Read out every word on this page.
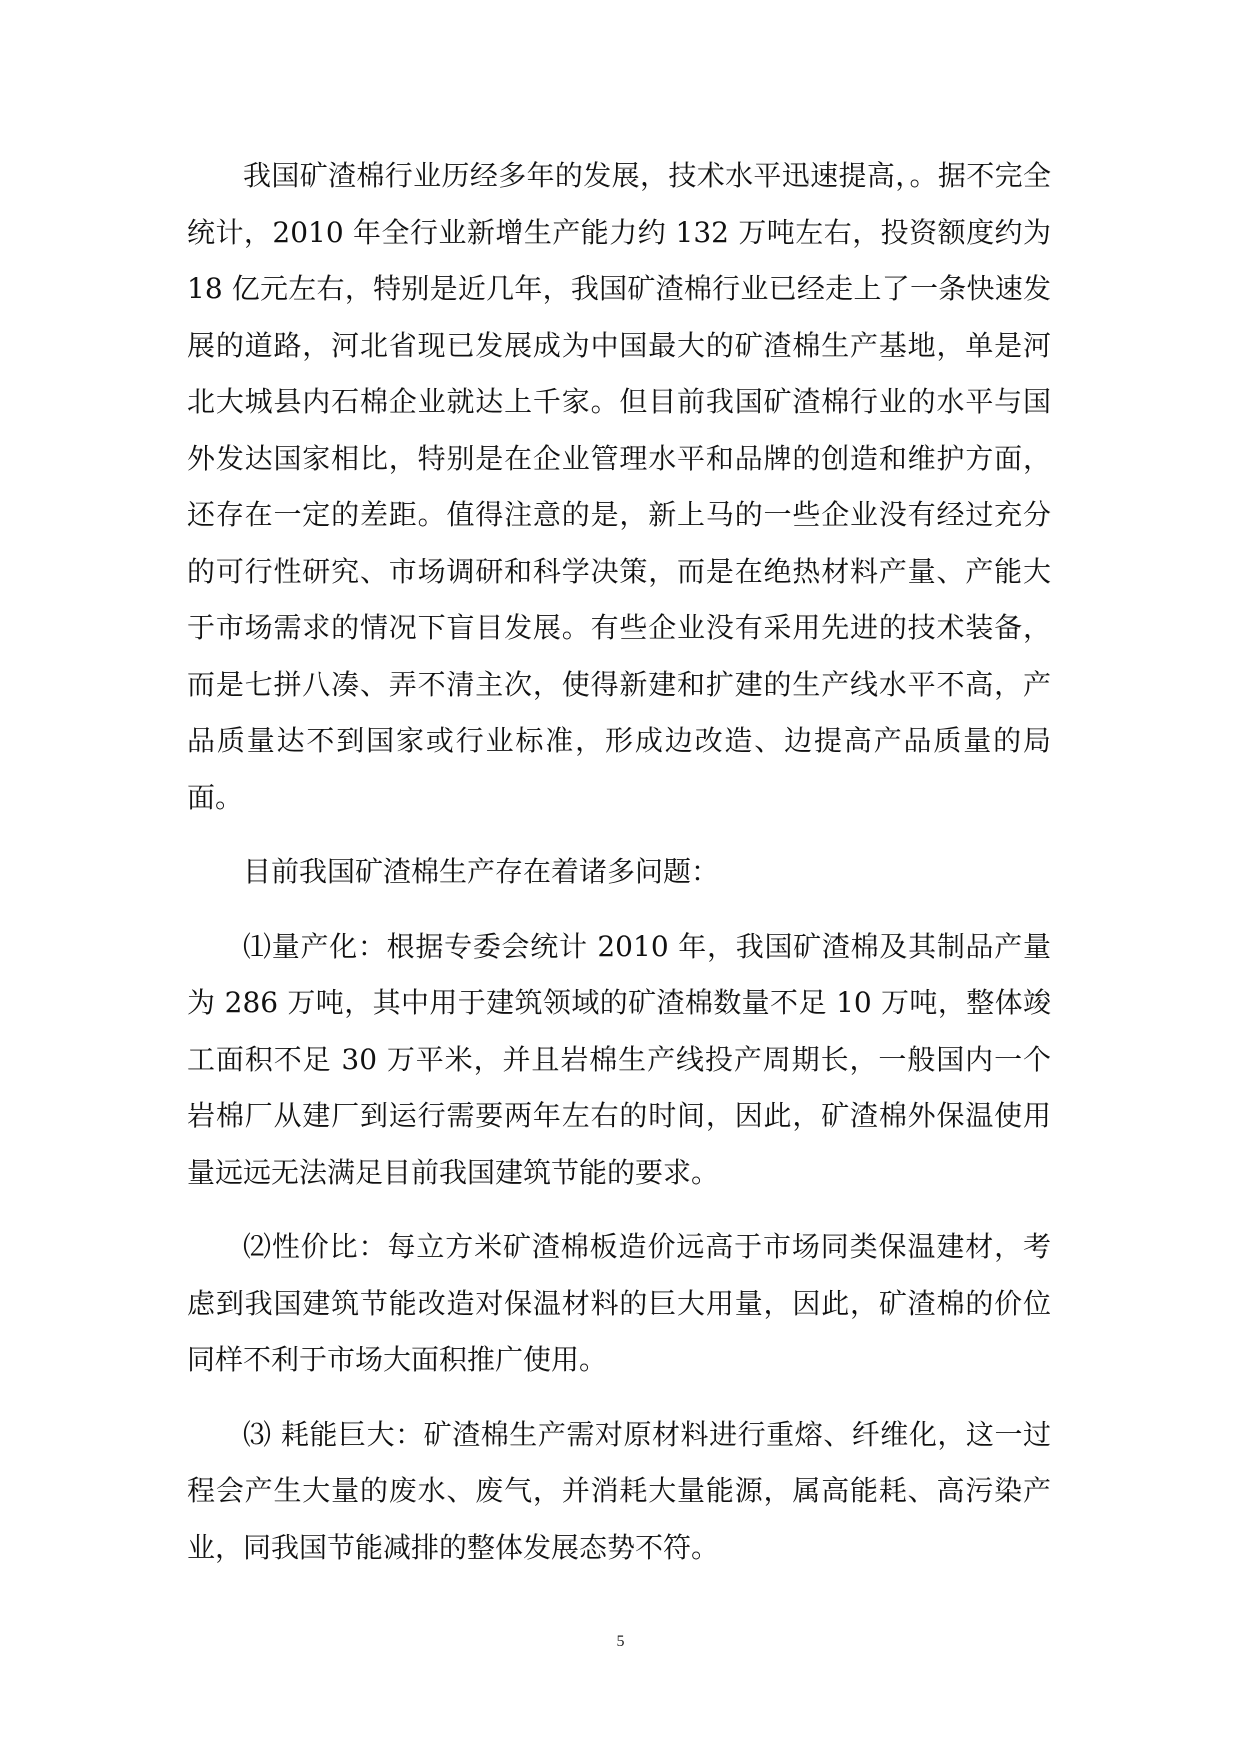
我国矿渣棉行业历经多年的发展，技术水平迅速提高，。据不完全统计，2010 年全行业新增生产能力约 132 万吨左右，投资额度约为 18 亿元左右，特别是近几年，我国矿渣棉行业已经走上了一条快速发展的道路，河北省现已发展成为中国最大的矿渣棉生产基地，单是河北大城县内石棉企业就达上千家。但目前我国矿渣棉行业的水平与国外发达国家相比，特别是在企业管理水平和品牌的创造和维护方面，还存在一定的差距。值得注意的是，新上马的一些企业没有经过充分的可行性研究、市场调研和科学决策，而是在绝热材料产量、产能大于市场需求的情况下盲目发展。有些企业没有采用先进的技术装备，而是七拼八凑、弄不清主次，使得新建和扩建的生产线水平不高，产品质量达不到国家或行业标准，形成边改造、边提高产品质量的局面。

目前我国矿渣棉生产存在着诸多问题：

⑴量产化：根据专委会统计 2010 年，我国矿渣棉及其制品产量为 286 万吨，其中用于建筑领域的矿渣棉数量不足 10 万吨，整体竣工面积不足 30 万平米，并且岩棉生产线投产周期长，一般国内一个岩棉厂从建厂到运行需要两年左右的时间，因此，矿渣棉外保温使用量远远无法满足目前我国建筑节能的要求。

⑵性价比：每立方米矿渣棉板造价远高于市场同类保温建材，考虑到我国建筑节能改造对保温材料的巨大用量，因此，矿渣棉的价位同样不利于市场大面积推广使用。

⑶ 耗能巨大：矿渣棉生产需对原材料进行重熔、纤维化，这一过程会产生大量的废水、废气，并消耗大量能源，属高能耗、高污染产业，同我国节能减排的整体发展态势不符。

5
